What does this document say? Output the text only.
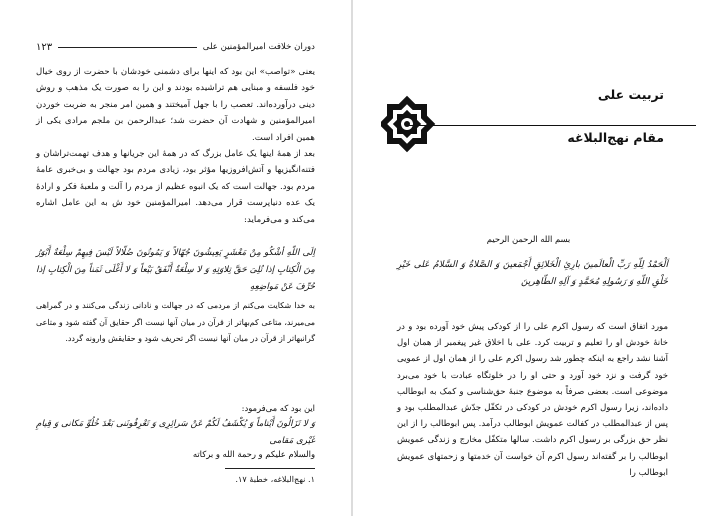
دوران خلافت امیرالمؤمنین علی
۱۲۳

یعنی «تواصب» این بود که اینها برای دشمنی خودشان با حضرت از روی خیال خود فلسفه و مبنایی هم تراشیده بودند و این را به صورت یک مذهب و روش دینی درآورده‌اند. تعصب را با جهل آمیختند و همین امر منجر به ضربت خوردن امیرالمؤمنین و شهادت آن حضرت شد؛ عبدالرحمن بن ملجم مرادی یکی از همین افراد است.

بعد از همهٔ اینها یک عامل بزرگ که در همهٔ این جریانها و هدف تهمت‌تراشان و فتنه‌انگیزیها و آتش‌افروزیها مؤثر بود، زیادی مردم بود جهالت و بی‌خبری عامهٔ مردم بود. جهالت است که یک انبوه عظیم از مردم را آلت و ملعبهٔ فکر و ارادهٔ یک عده دنیاپرست قرار می‌دهد. امیرالمؤمنین خود ش به این عامل اشاره می‌کند و می‌فرماید:

اِلَی اللّهِ أشْکُو مِنْ مَعْشَرٍ یَعِیشُونَ جُهّالاً وَ یَمُوتُونَ ضُلّالاً لَیْسَ فِیهِمْ سِلْعَةٌ أَبْوَرُ مِنَ الْکِتابِ إذا تُلِیَ حَقَّ تِلاوَتِهِ وَ لا سِلْعَةٌ أَنْفَقُ بَیْعاً وَ لا أَغْلَی ثَمَناً مِنَ الْکِتابِ إذا حُرِّفَ عَنْ مَواضِعِهِ
به خدا شکایت می‌کنم از مردمی که در جهالت و نادانی زندگی می‌کنند و در گمراهی می‌میرند، متاعی کم‌بهاتر از قرآن در میان آنها نیست اگر حقایق آن گفته شود و متاعی گرانبهاتر از قرآن در میان آنها نیست اگر تحریف شود و حقایقش وارونه گردد.
این بود که می‌فرمود:
وَ لا تَزَالُونَ أَیْتاماً وَ یُکْشَفُ لَکُمْ عَنْ سَرائِرِی وَ تَعْرِفُونَنی بَعْدَ خُلُوِّ مَکانی وَ قِیامِ غَیْری مَقامی
والسلام علیکم و رحمة الله و برکاته
۱. نهج‌البلاغه، خطبهٔ ۱۷.
تربیت علی
مقام نهج‌البلاغه
بسم الله الرحمن الرحیم
اَلْحَمْدُ لِلّهِ رَبِّ الْعالَمینَ بارِئِ الْخَلائِقِ أَجْمَعینَ وَ الصَّلاةُ وَ السَّلامُ عَلی خَیْرِ خَلْقِ اللّهِ وَ رَسُولِهِ مُحَمَّدٍ وَ آلِهِ الطّاهِرینَ
مورد اتفاق است که رسول اکرم علی را از کودکی پیش خود آورده بود و در خانهٔ خودش او را تعلیم و تربیت کرد. علی با اخلاق غیر پیغمبر از همان اول آشنا نشد راجع به اینکه چطور شد رسول اکرم علی را از همان اول از عمویی خود گرفت و نزد خود آورد و حتی او را در خلوتگاه عبادت با خود می‌برد موضوعی است. بعضی صرفاً به موضوع جنبهٔ حق‌شناسی و کمک به ابوطالب داده‌اند، زیرا رسول اکرم خودش در کودکی در تکفّل جدّش عبدالمطلب بود و پس از عبدالمطلب در کفالت عمویش ابوطالب درآمد. پس ابوطالب را از این نظر حق بزرگی بر رسول اکرم داشت. سالها متکفّل مخارج و زندگی عمویش ابوطالب را بر گفته‌اند رسول اکرم آن خواست آن خدمتها و زحمتهای عمویش ابوطالب را
